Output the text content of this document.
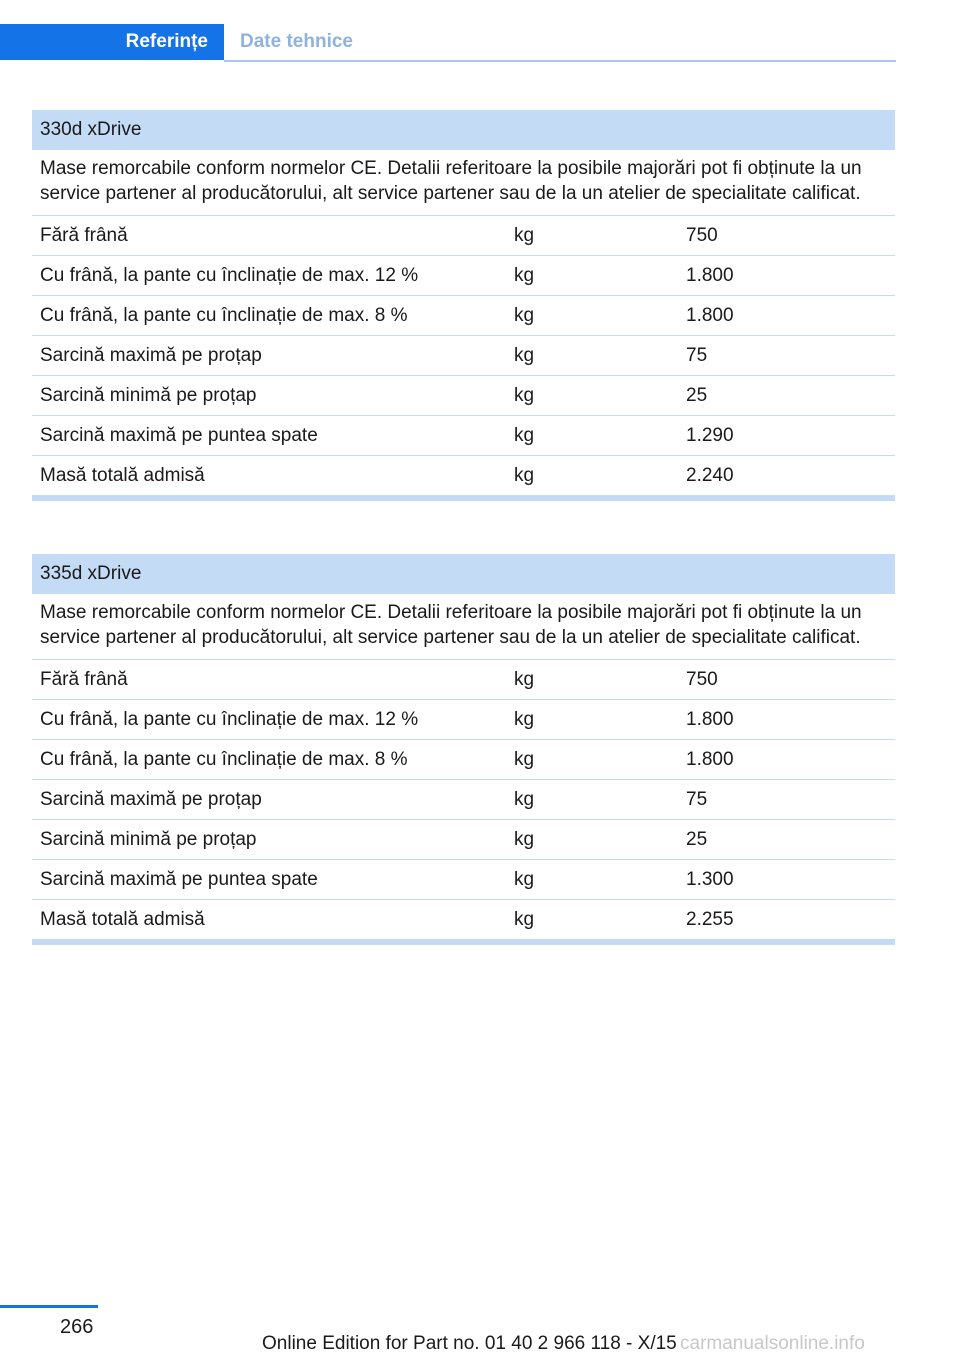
Referințe	Date tehnice
330d xDrive
Mase remorcabile conform normelor CE. Detalii referitoare la posibile majorări pot fi obținute la un service partener al producătorului, alt service partener sau de la un atelier de specialitate calificat.
Fără frână	kg	750
Cu frână, la pante cu înclinație de max. 12 %	kg	1.800
Cu frână, la pante cu înclinație de max. 8 %	kg	1.800
Sarcină maximă pe proțap	kg	75
Sarcină minimă pe proțap	kg	25
Sarcină maximă pe puntea spate	kg	1.290
Masă totală admisă	kg	2.240
335d xDrive
Mase remorcabile conform normelor CE. Detalii referitoare la posibile majorări pot fi obținute la un service partener al producătorului, alt service partener sau de la un atelier de specialitate calificat.
Fără frână	kg	750
Cu frână, la pante cu înclinație de max. 12 %	kg	1.800
Cu frână, la pante cu înclinație de max. 8 %	kg	1.800
Sarcină maximă pe proțap	kg	75
Sarcină minimă pe proțap	kg	25
Sarcină maximă pe puntea spate	kg	1.300
Masă totală admisă	kg	2.255
266
Online Edition for Part no. 01 40 2 966 118 - X/15 carmanualsonline.info
